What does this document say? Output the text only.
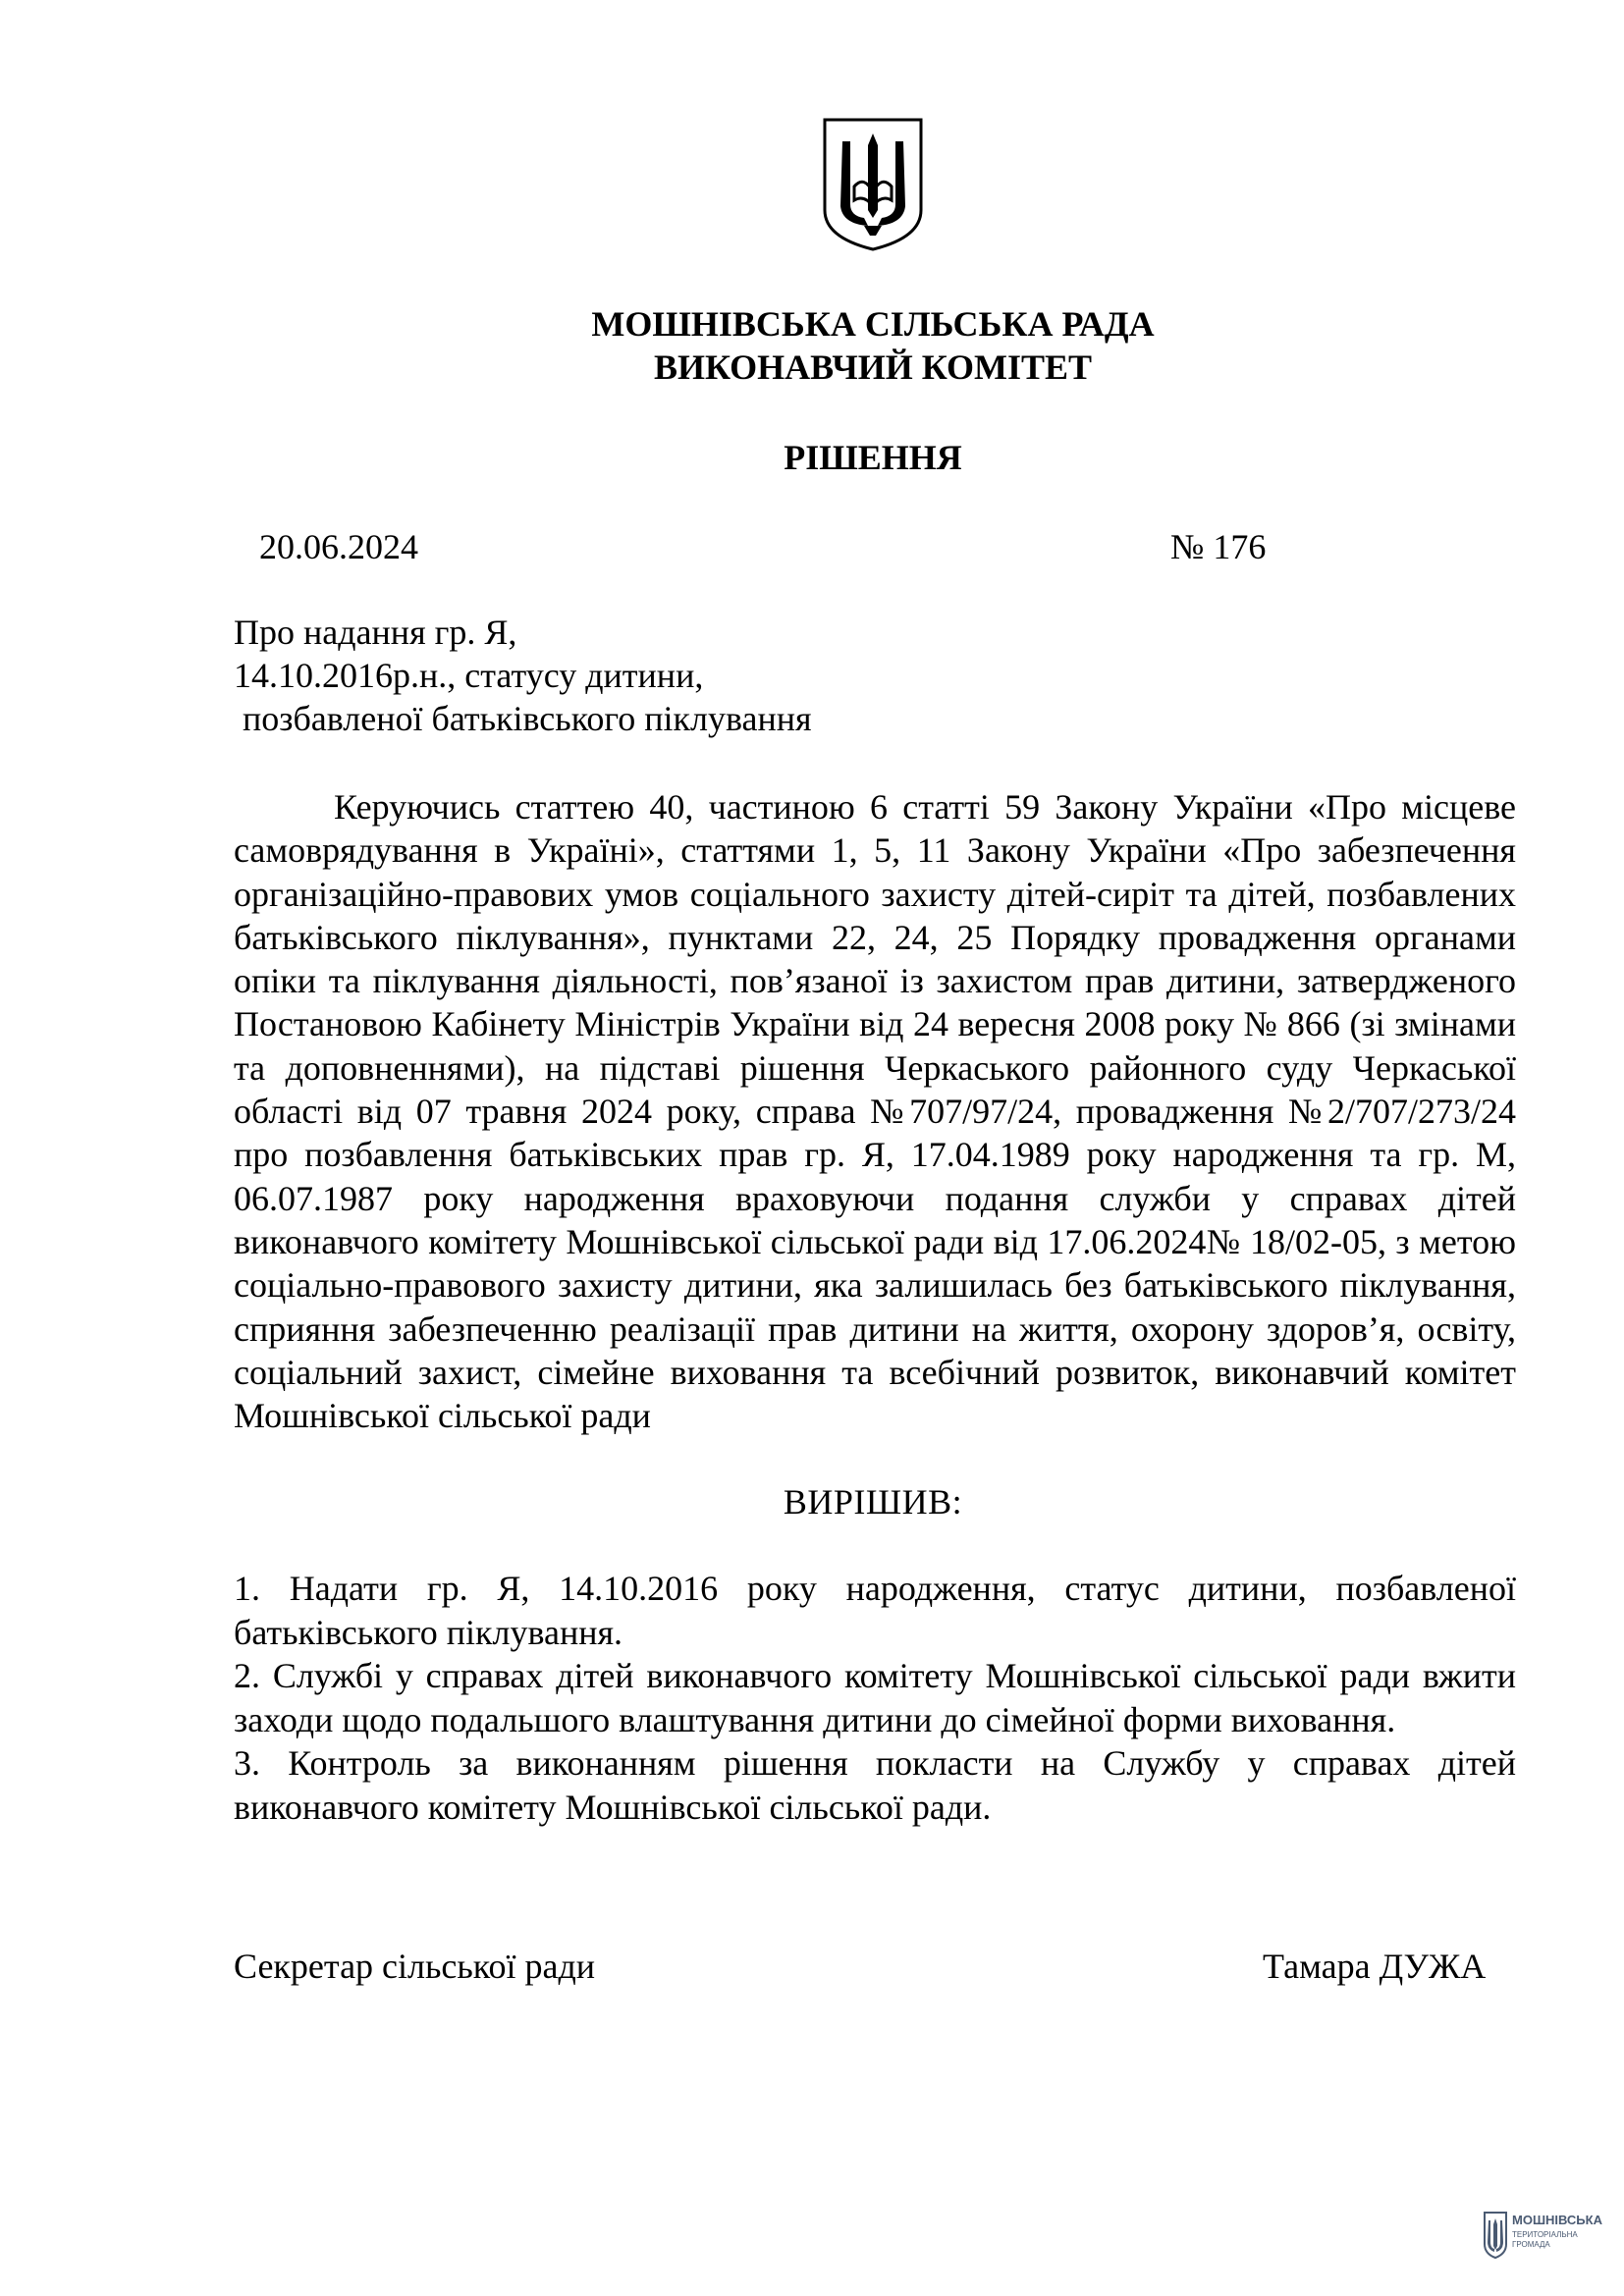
МОШНІВСЬКА СІЛЬСЬКА РАДА
ВИКОНАВЧИЙ КОМІТЕТ
РІШЕННЯ
20.06.2024	№ 176
Про надання гр. Я,
14.10.2016р.н., статусу дитини,
позбавленої батьківського піклування

Керуючись статтею 40, частиною 6 статті 59 Закону України «Про місцеве самоврядування в Україні», статтями 1, 5, 11 Закону України «Про забезпечення організаційно-правових умов соціального захисту дітей-сиріт та дітей, позбавлених батьківського піклування», пунктами 22, 24, 25 Порядку провадження органами опіки та піклування діяльності, пов’язаної із захистом прав дитини, затвердженого Постановою Кабінету Міністрів України від 24 вересня 2008 року № 866 (зі змінами та доповненнями), на підставі рішення Черкаського районного суду Черкаської області від 07 травня 2024 року, справа №707/97/24, провадження №2/707/273/24 про позбавлення батьківських прав гр. Я, 17.04.1989 року народження та гр. М, 06.07.1987 року народження враховуючи подання служби у справах дітей виконавчого комітету Мошнівської сільської ради від 17.06.2024№ 18/02-05, з метою соціально-правового захисту дитини, яка залишилась без батьківського піклування, сприяння забезпеченню реалізації прав дитини на життя, охорону здоров’я, освіту, соціальний захист, сімейне виховання та всебічний розвиток, виконавчий комітет Мошнівської сільської ради

ВИРІШИВ:

1. Надати гр. Я, 14.10.2016 року народження, статус дитини, позбавленої батьківського піклування.

2. Службі у справах дітей виконавчого комітету Мошнівської сільської ради вжити заходи щодо подальшого влаштування дитини до сімейної форми виховання.

3. Контроль за виконанням рішення покласти на Службу у справах дітей виконавчого комітету Мошнівської сільської ради.

Секретар сільської ради	Тамара ДУЖА
МОШНІВСЬКА
ТЕРИТОРІАЛЬНА
ГРОМАДА
